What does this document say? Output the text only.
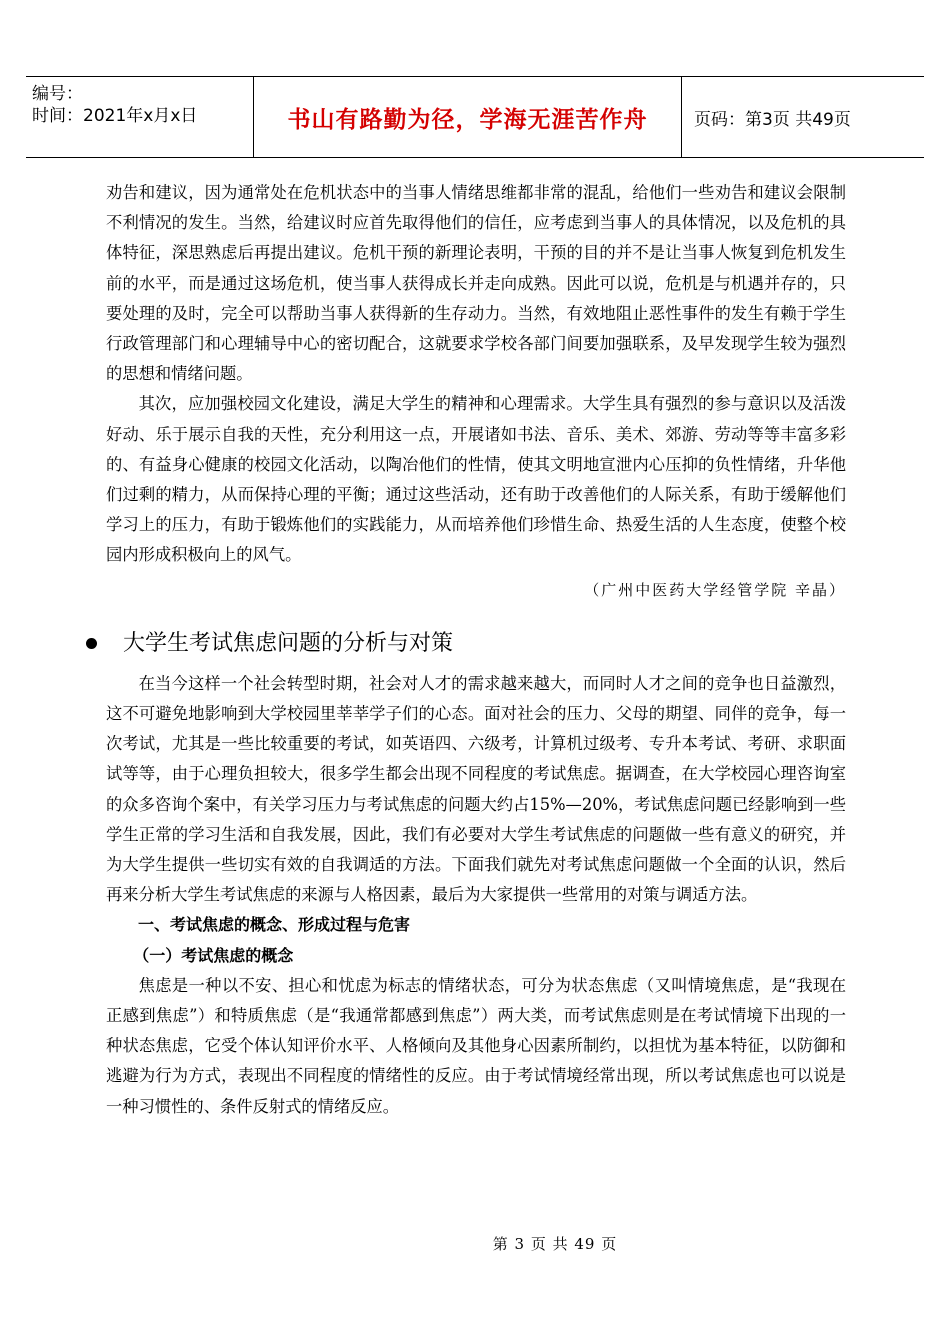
编号：
时间：2021年x月x日	书山有路勤为径，学海无涯苦作舟	页码：第3页 共49页

劝告和建议，因为通常处在危机状态中的当事人情绪思维都非常的混乱，给他们一些劝告和建议会限制不利情况的发生。当然，给建议时应首先取得他们的信任，应考虑到当事人的具体情况，以及危机的具体特征，深思熟虑后再提出建议。危机干预的新理论表明，干预的目的并不是让当事人恢复到危机发生前的水平，而是通过这场危机，使当事人获得成长并走向成熟。因此可以说，危机是与机遇并存的，只要处理的及时，完全可以帮助当事人获得新的生存动力。当然，有效地阻止恶性事件的发生有赖于学生行政管理部门和心理辅导中心的密切配合，这就要求学校各部门间要加强联系，及早发现学生较为强烈的思想和情绪问题。

其次，应加强校园文化建设，满足大学生的精神和心理需求。大学生具有强烈的参与意识以及活泼好动、乐于展示自我的天性，充分利用这一点，开展诸如书法、音乐、美术、郊游、劳动等等丰富多彩的、有益身心健康的校园文化活动，以陶冶他们的性情，使其文明地宣泄内心压抑的负性情绪，升华他们过剩的精力，从而保持心理的平衡；通过这些活动，还有助于改善他们的人际关系，有助于缓解他们学习上的压力，有助于锻炼他们的实践能力，从而培养他们珍惜生命、热爱生活的人生态度，使整个校园内形成积极向上的风气。

（广州中医药大学经管学院 辛晶）

大学生考试焦虑问题的分析与对策

在当今这样一个社会转型时期，社会对人才的需求越来越大，而同时人才之间的竞争也日益激烈，这不可避免地影响到大学校园里莘莘学子们的心态。面对社会的压力、父母的期望、同伴的竞争，每一次考试，尤其是一些比较重要的考试，如英语四、六级考，计算机过级考、专升本考试、考研、求职面试等等，由于心理负担较大，很多学生都会出现不同程度的考试焦虑。据调查，在大学校园心理咨询室的众多咨询个案中，有关学习压力与考试焦虑的问题大约占15%—20%，考试焦虑问题已经影响到一些学生正常的学习生活和自我发展，因此，我们有必要对大学生考试焦虑的问题做一些有意义的研究，并为大学生提供一些切实有效的自我调适的方法。下面我们就先对考试焦虑问题做一个全面的认识，然后再来分析大学生考试焦虑的来源与人格因素，最后为大家提供一些常用的对策与调适方法。

一、考试焦虑的概念、形成过程与危害

（一）考试焦虑的概念

焦虑是一种以不安、担心和忧虑为标志的情绪状态，可分为状态焦虑（又叫情境焦虑，是“我现在正感到焦虑”）和特质焦虑（是“我通常都感到焦虑”）两大类，而考试焦虑则是在考试情境下出现的一种状态焦虑，它受个体认知评价水平、人格倾向及其他身心因素所制约，以担忧为基本特征，以防御和逃避为行为方式，表现出不同程度的情绪性的反应。由于考试情境经常出现，所以考试焦虑也可以说是一种习惯性的、条件反射式的情绪反应。

第 3 页 共 49 页
